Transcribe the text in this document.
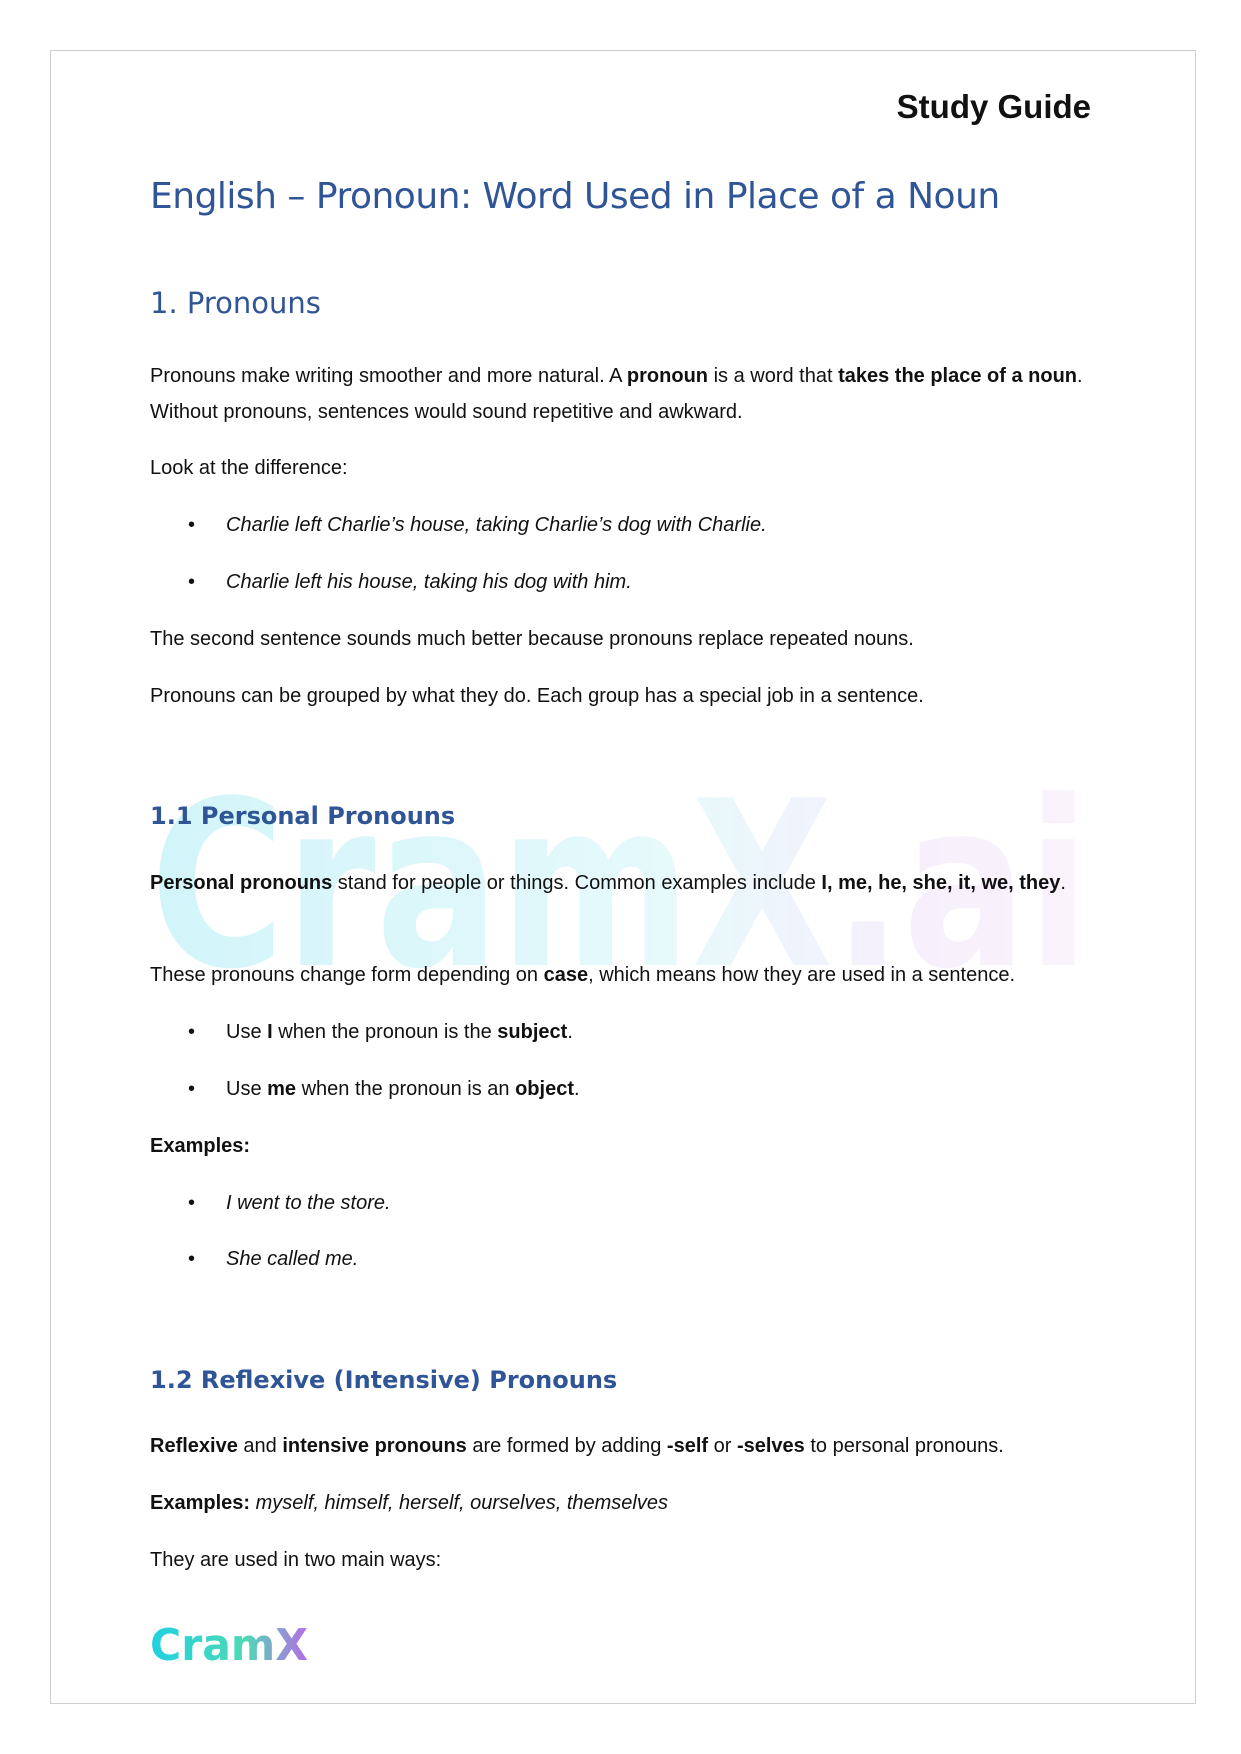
CramX.ai
Study Guide
English – Pronoun: Word Used in Place of a Noun
1. Pronouns

Pronouns make writing smoother and more natural. A pronoun is a word that takes the place of a noun. Without pronouns, sentences would sound repetitive and awkward.

Look at the difference:

• Charlie left Charlie’s house, taking Charlie’s dog with Charlie.
• Charlie left his house, taking his dog with him.

The second sentence sounds much better because pronouns replace repeated nouns.

Pronouns can be grouped by what they do. Each group has a special job in a sentence.

1.1 Personal Pronouns

Personal pronouns stand for people or things. Common examples include I, me, he, she, it, we, they.

These pronouns change form depending on case, which means how they are used in a sentence.

• Use I when the pronoun is the subject.
• Use me when the pronoun is an object.

Examples:

• I went to the store.
• She called me.
1.2 Reflexive (Intensive) Pronouns

Reflexive and intensive pronouns are formed by adding -self or -selves to personal pronouns.

Examples: myself, himself, herself, ourselves, themselves

They are used in two main ways:

CramX
